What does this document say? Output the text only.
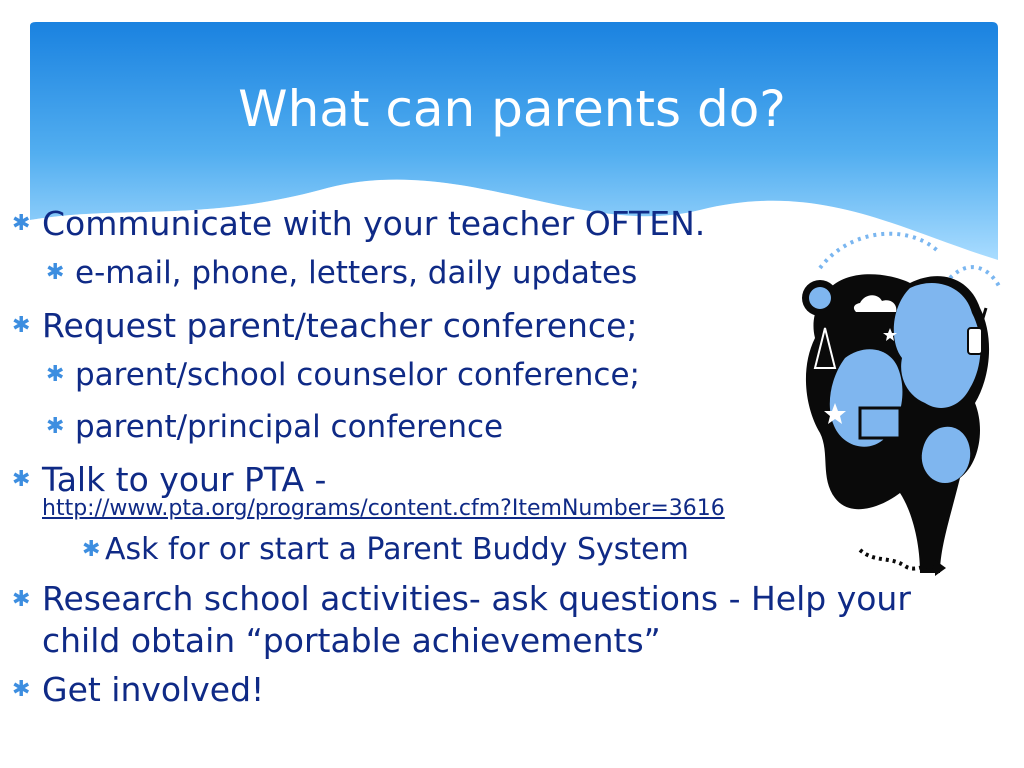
What can parents do?
✱ Communicate with your teacher OFTEN.
✱ e-mail, phone, letters, daily updates
✱ Request parent/teacher conference;
✱ parent/school counselor conference;
✱ parent/principal conference
✱ Talk to your PTA -
http://www.pta.org/programs/content.cfm?ItemNumber=3616
✱ Ask for or start a Parent Buddy System
✱ Research school activities- ask questions - Help your child obtain “portable achievements”
✱ Get involved!
